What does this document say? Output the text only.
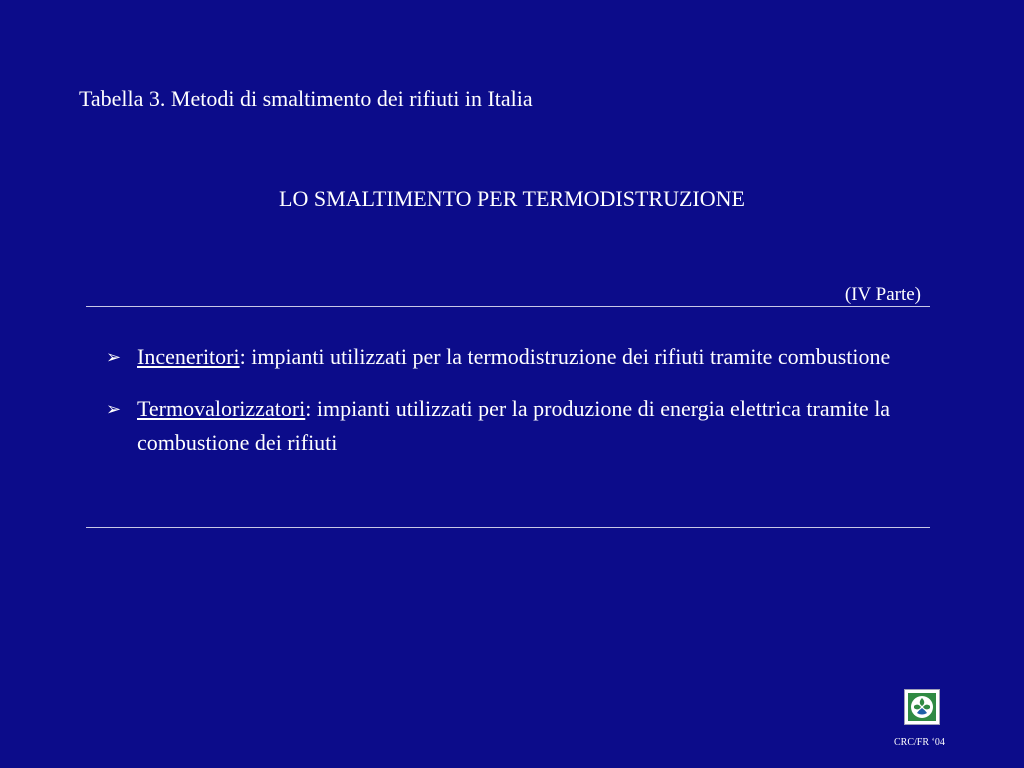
Tabella 3. Metodi di smaltimento dei rifiuti in Italia
LO SMALTIMENTO PER TERMODISTRUZIONE
(IV Parte)
➢ Inceneritori: impianti utilizzati per la termodistruzione dei rifiuti tramite combustione
➢ Termovalorizzatori: impianti utilizzati per la produzione di energia elettrica tramite la combustione dei rifiuti
CRC/FR ‘04
